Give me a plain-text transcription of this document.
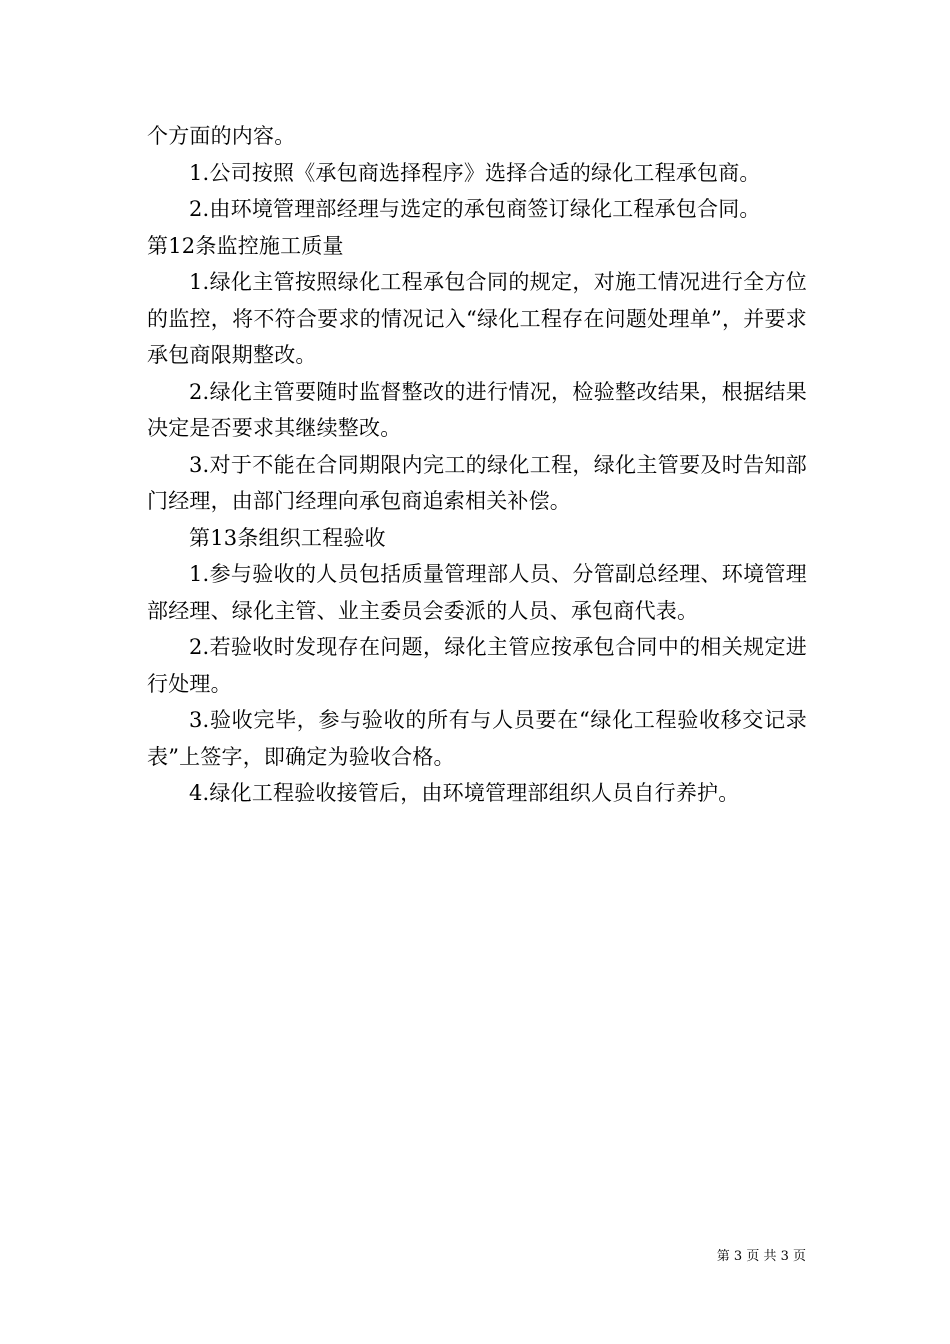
个方面的内容。

1.公司按照《承包商选择程序》选择合适的绿化工程承包商。

2.由环境管理部经理与选定的承包商签订绿化工程承包合同。

第12条监控施工质量

1.绿化主管按照绿化工程承包合同的规定，对施工情况进行全方位的监控，将不符合要求的情况记入“绿化工程存在问题处理单”，并要求承包商限期整改。

2.绿化主管要随时监督整改的进行情况，检验整改结果，根据结果决定是否要求其继续整改。

3.对于不能在合同期限内完工的绿化工程，绿化主管要及时告知部门经理，由部门经理向承包商追索相关补偿。

第13条组织工程验收

1.参与验收的人员包括质量管理部人员、分管副总经理、环境管理部经理、绿化主管、业主委员会委派的人员、承包商代表。

2.若验收时发现存在问题，绿化主管应按承包合同中的相关规定进行处理。

3.验收完毕，参与验收的所有与人员要在“绿化工程验收移交记录表”上签字，即确定为验收合格。

4.绿化工程验收接管后，由环境管理部组织人员自行养护。

第 3 页 共 3 页
